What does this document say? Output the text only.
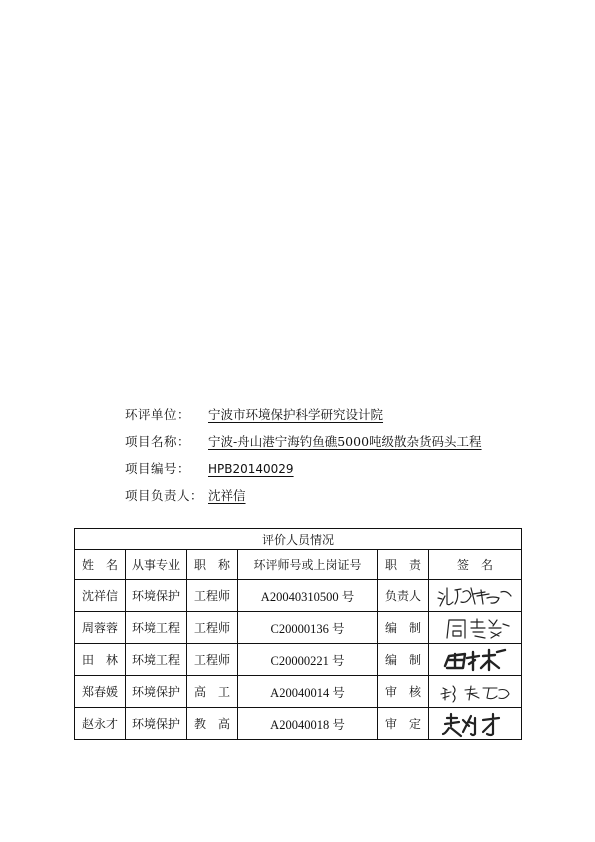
环评单位： 宁波市环境保护科学研究设计院
项目名称： 宁波-舟山港宁海钓鱼礁5000吨级散杂货码头工程
项目编号： HPB20140029
项目负责人： 沈祥信
评价人员情况					
姓　名	从事专业	职　称	环评师号或上岗证号	职　责	签　名
沈祥信	环境保护	工程师	A20040310500 号	负责人	

周蓉蓉	环境工程	工程师	C20000136 号	编　制	

田　林	环境工程	工程师	C20000221 号	编　制	

郑春媛	环境保护	高　工	A20040014 号	审　核	

赵永才	环境保护	教　高	A20040018 号	审　定	
